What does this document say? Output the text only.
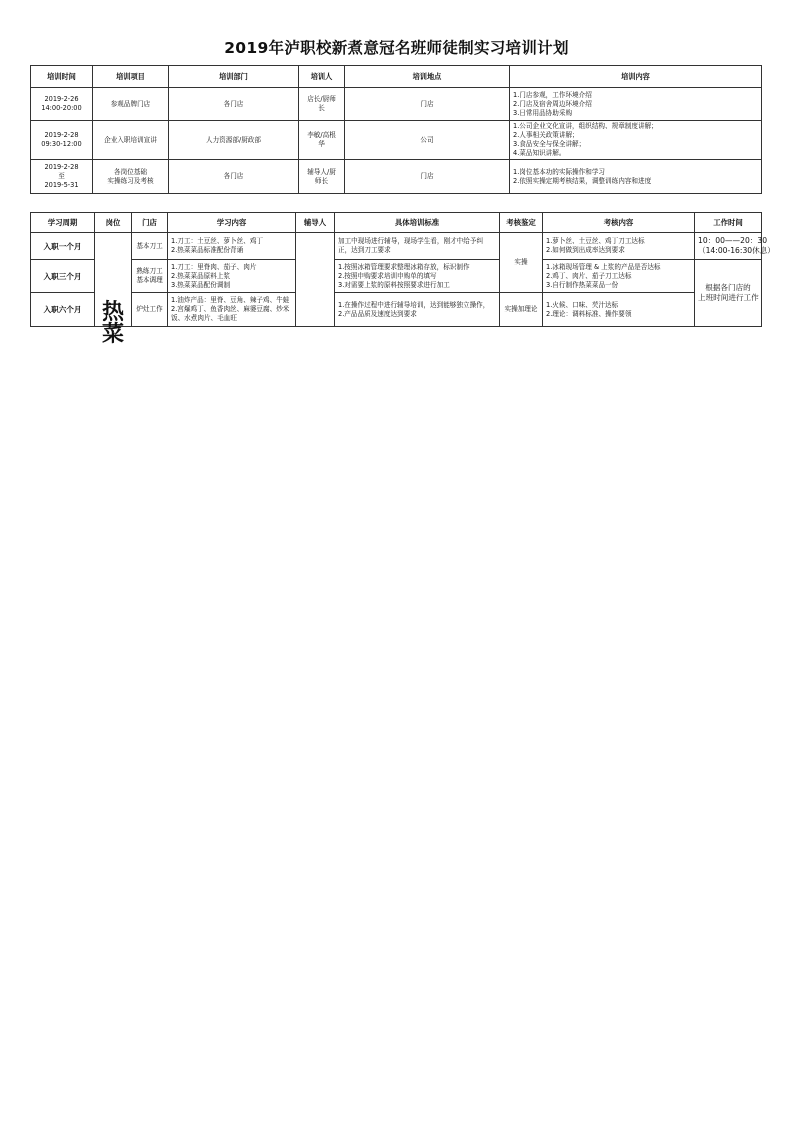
2019年泸职校新煮意冠名班师徒制实习培训计划
培训时间	培训项目	培训部门	培训人	培训地点	培训内容

2019-2-26
14:00-20:00	参观品牌门店	各门店	店长/厨师
长	门店	1.门店参观，工作环境介绍
2.门店及宿舍周边环境介绍
3.日常用品协助采购

2019-2-28
09:30-12:00	企业入职培训宣讲	人力资源部/厨政部	李敏/高根
华	公司	1.公司企业文化宣讲，组织结构、规章制度讲解；
2.人事相关政策讲解；
3.食品安全与保全讲解；
4.菜品知识讲解。

2019-2-28
至
2019-5-31	各岗位基础
实操练习及考核	各门店	辅导人/厨
师长	门店	1.岗位基本功的实际操作和学习
2.依照实操定期考核结果，调整训练内容和进度
学习周期	岗位	门店	学习内容	辅导人	具体培训标准	考核鉴定	考核内容	工作时间
入职一个月	热菜	基本刀工	1.刀工：土豆丝、萝卜丝、鸡丁
2.热菜菜品标准配份背诵		加工中现场进行辅导，现场学生看，刚才中给予纠
正，达到刀工要求	实操	1.萝卜丝、土豆丝、鸡丁刀工达标
2.如何做到出成率达到要求	10：00——20：30
（14:00-16:30休息）

入职三个月		熟练刀工
基本调理	1.刀工：里脊肉、茄子、肉片
2.热菜菜品原料上浆
3.热菜菜品配份调制		1.按照冰箱管理要求整理冰箱存放，标识制作
2.按照申购要求培训申购单的填写
3.对需要上浆的原料按照要求进行加工		1.冰箱现场管理 & 上浆的产品是否达标
2.鸡丁、肉片、茄子刀工达标
3.自行制作热菜菜品一份	根据各门店的
上班时间进行工作

入职六个月		炉灶工作	1.油炸产品：里脊、豆角、辣子鸡、牛蛙
2.宫爆鸡丁、鱼香肉丝、麻婆豆腐、炒米
饭、水煮肉片、毛血旺		1.在操作过程中进行辅导培训，达到能够独立操作，
2.产品品质及速度达到要求	实操加理论	1.火候、口味、芡汁达标
2.理论：调料标准、操作要领	
